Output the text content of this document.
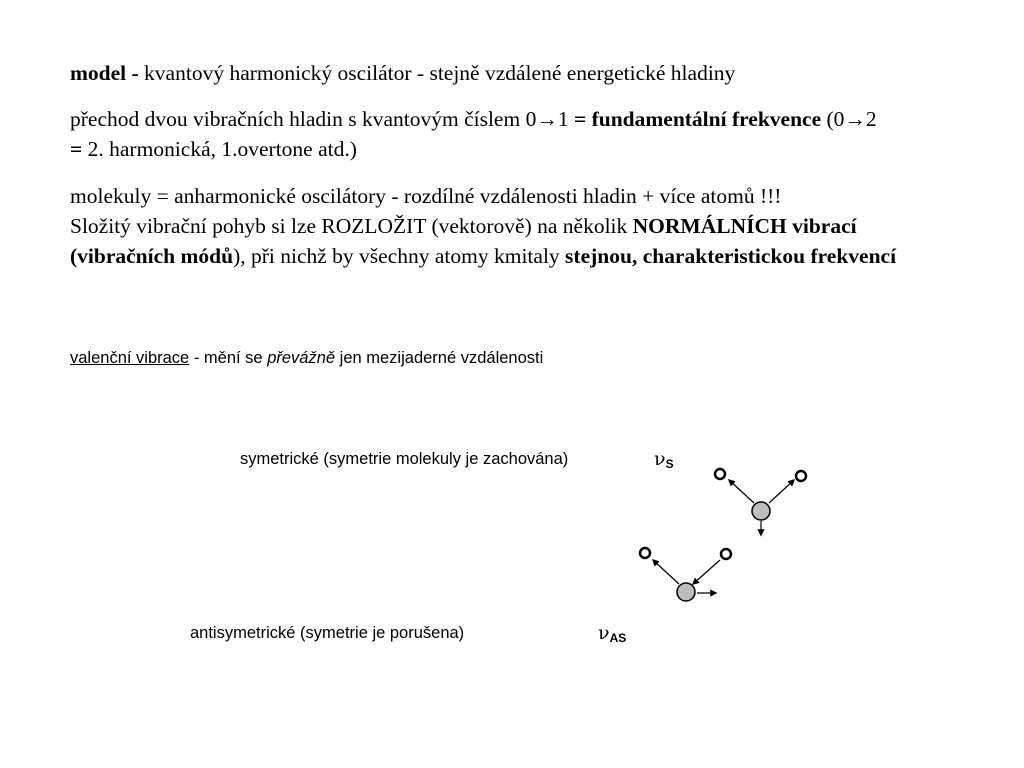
model - kvantový harmonický oscilátor - stejně vzdálené energetické hladiny

přechod dvou vibračních hladin s kvantovým číslem 0→1 = fundamentální frekvence (0→2 = 2. harmonická, 1.overtone atd.)

molekuly = anharmonické oscilátory - rozdílné vzdálenosti hladin + více atomů !!!
Složitý vibrační pohyb si lze ROZLOŽIT (vektorově) na několik NORMÁLNÍCH vibrací (vibračních módů), při nichž by všechny atomy kmitaly stejnou, charakteristickou frekvencí

valenční vibrace - mění se převážně jen mezijaderné vzdálenosti

symetrické (symetrie molekuly je zachována)	$\nu_S$
antisymetrické (symetrie je porušena)	$\nu_{AS}$
